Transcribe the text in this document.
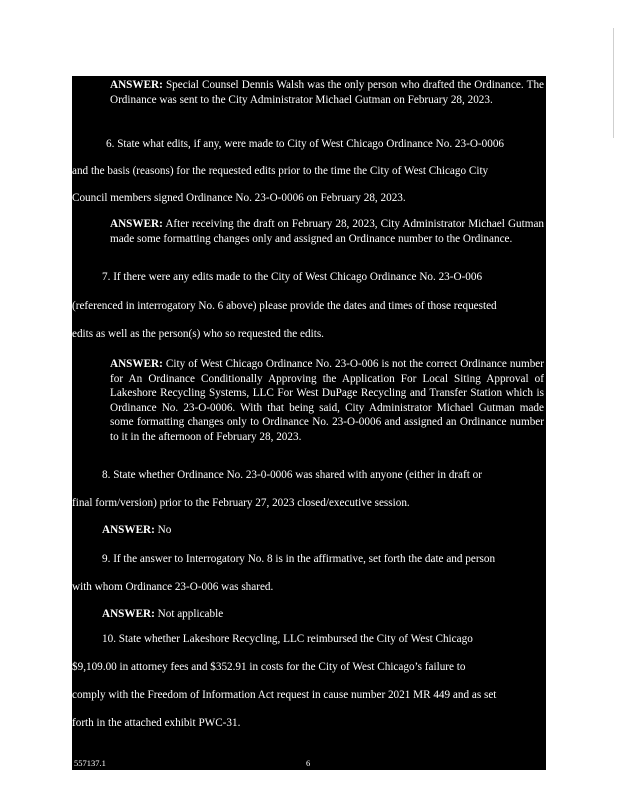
ANSWER: Special Counsel Dennis Walsh was the only person who drafted the Ordinance. The Ordinance was sent to the City Administrator Michael Gutman on February 28, 2023.
6. State what edits, if any, were made to City of West Chicago Ordinance No. 23-O-0006
and the basis (reasons) for the requested edits prior to the time the City of West Chicago City
Council members signed Ordinance No. 23-O-0006 on February 28, 2023.
ANSWER: After receiving the draft on February 28, 2023, City Administrator Michael Gutman made some formatting changes only and assigned an Ordinance number to the Ordinance.
7. If there were any edits made to the City of West Chicago Ordinance No. 23-O-006
(referenced in interrogatory No. 6 above) please provide the dates and times of those requested
edits as well as the person(s) who so requested the edits.
ANSWER: City of West Chicago Ordinance No. 23-O-006 is not the correct Ordinance number for An Ordinance Conditionally Approving the Application For Local Siting Approval of Lakeshore Recycling Systems, LLC For West DuPage Recycling and Transfer Station which is Ordinance No. 23-O-0006. With that being said, City Administrator Michael Gutman made some formatting changes only to Ordinance No. 23-O-0006 and assigned an Ordinance number to it in the afternoon of February 28, 2023.
8. State whether Ordinance No. 23-0-0006 was shared with anyone (either in draft or
final form/version) prior to the February 27, 2023 closed/executive session.
ANSWER: No
9. If the answer to Interrogatory No. 8 is in the affirmative, set forth the date and person
with whom Ordinance 23-O-006 was shared.
ANSWER: Not applicable
10. State whether Lakeshore Recycling, LLC reimbursed the City of West Chicago
$9,109.00 in attorney fees and $352.91 in costs for the City of West Chicago’s failure to
comply with the Freedom of Information Act request in cause number 2021 MR 449 and as set
forth in the attached exhibit PWC-31.
557137.1	6
